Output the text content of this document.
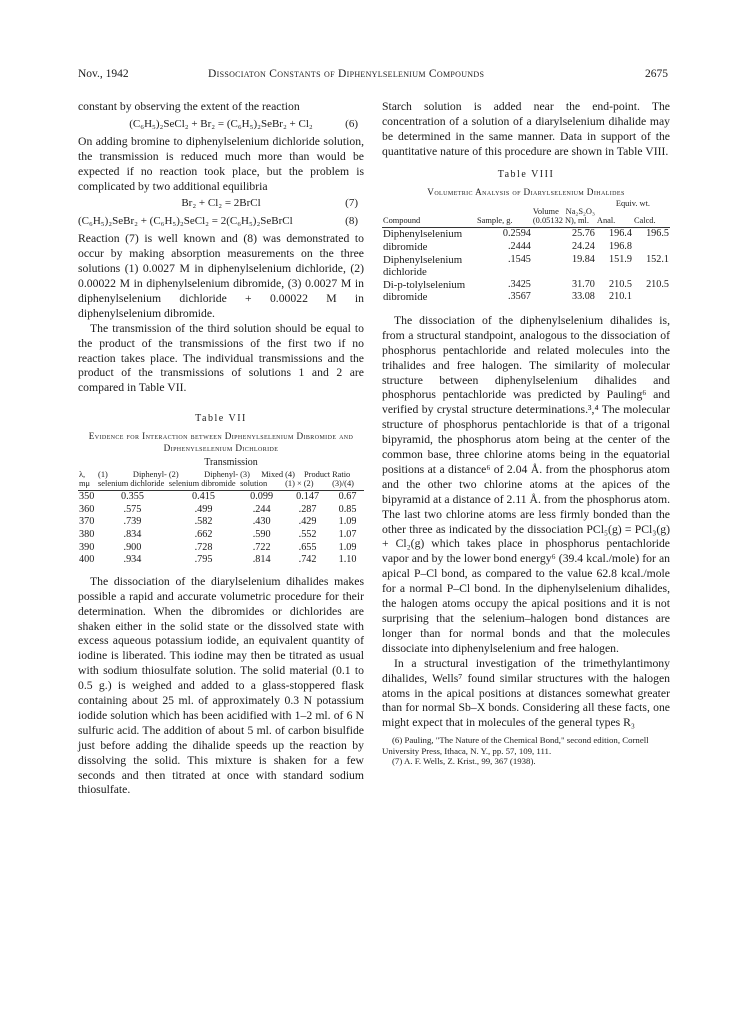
Nov., 1942	Dissociaton Constants of Diphenylselenium Compounds	2675

constant by observing the extent of the reaction

(C₆H₅)₂SeCl₂ + Br₂ = (C₆H₅)₂SeBr₂ + Cl₂	(6)

On adding bromine to diphenylselenium dichloride solution, the transmission is reduced much more than would be expected if no reaction took place, but the problem is complicated by two additional equilibria

Br₂ + Cl₂ = 2BrCl	(7)
(C₆H₅)₂SeBr₂ + (C₆H₅)₂SeCl₂ = 2(C₆H₅)₂SeBrCl	(8)

Reaction (7) is well known and (8) was demonstrated to occur by making absorption measurements on the three solutions (1) 0.0027 M in diphenylselenium dichloride, (2) 0.00022 M in diphenylselenium dibromide, (3) 0.0027 M in diphenylselenium dichloride + 0.00022 M in diphenylselenium dibromide.

The transmission of the third solution should be equal to the product of the transmissions of the first two if no reaction takes place. The individual transmissions and the product of the transmissions of solutions 1 and 2 are compared in Table VII.

Table VII
Evidence for Interaction between Diphenylselenium Dibromide and Diphenylselenium Dichloride
Transmission
λ, mμ	(1) Diphenyl-selenium dichloride	(2) Diphenyl-selenium dibromide	(3) Mixed solution	(4) Product (1) × (2)	Ratio (3)/(4)
350	0.355	0.415	0.099	0.147	0.67
360	.575	.499	.244	.287	0.85
370	.739	.582	.430	.429	1.09
380	.834	.662	.590	.552	1.07
390	.900	.728	.722	.655	1.09
400	.934	.795	.814	.742	1.10

The dissociation of the diarylselenium dihalides makes possible a rapid and accurate volumetric procedure for their determination. When the dibromides or dichlorides are shaken either in the solid state or the dissolved state with excess aqueous potassium iodide, an equivalent quantity of iodine is liberated. This iodine may then be titrated as usual with sodium thiosulfate solution. The solid material (0.1 to 0.5 g.) is weighed and added to a glass-stoppered flask containing about 25 ml. of approximately 0.3 N potassium iodide solution which has been acidified with 1–2 ml. of 6 N sulfuric acid. The addition of about 5 ml. of carbon bisulfide just before adding the dihalide speeds up the reaction by dissolving the solid. This mixture is shaken for a few seconds and then titrated at once with standard sodium thiosulfate.

Starch solution is added near the end-point. The concentration of a solution of a diarylselenium dihalide may be determined in the same manner. Data in support of the quantitative nature of this procedure are shown in Table VIII.

Table VIII
Volumetric Analysis of Diarylselenium Dihalides
			Equiv. wt.	
Compound	Sample, g.	Volume Na₂S₂O₃ (0.05132 N), ml.	Anal.	Calcd.
Diphenylselenium	0.2594	25.76	196.4	196.5
dibromide	.2444	24.24	196.8	
Diphenylselenium	.1545	19.84	151.9	152.1
dichloride				
Di-p-tolylselenium	.3425	31.70	210.5	210.5
dibromide	.3567	33.08	210.1	

The dissociation of the diphenylselenium dihalides is, from a structural standpoint, analogous to the dissociation of phosphorus pentachloride and related molecules into the trihalides and free halogen. The similarity of molecular structure between diphenylselenium dihalides and phosphorus pentachloride was predicted by Pauling⁶ and verified by crystal structure determinations.³,⁴ The molecular structure of phosphorus pentachloride is that of a trigonal bipyramid, the phosphorus atom being at the center of the common base, three chlorine atoms being in the equatorial positions at a distance⁶ of 2.04 Å. from the phosphorus atom and the other two chlorine atoms at the apices of the bipyramid at a distance of 2.11 Å. from the phosphorus atom. The last two chlorine atoms are less firmly bonded than the other three as indicated by the dissociation PCl₅(g) = PCl₃(g) + Cl₂(g) which takes place in phosphorus pentachloride vapor and by the lower bond energy⁶ (39.4 kcal./mole) for an apical P–Cl bond, as compared to the value 62.8 kcal./mole for a normal P–Cl bond. In the diphenylselenium dihalides, the halogen atoms occupy the apical positions and it is not surprising that the selenium–halogen bond distances are longer than for normal bonds and that the molecules dissociate into diphenylselenium and free halogen.

In a structural investigation of the trimethylantimony dihalides, Wells⁷ found similar structures with the halogen atoms in the apical positions at distances somewhat greater than for normal Sb–X bonds. Considering all these facts, one might expect that in molecules of the general types R₃

(6) Pauling, "The Nature of the Chemical Bond," second edition, Cornell University Press, Ithaca, N. Y., pp. 57, 109, 111.

(7) A. F. Wells, Z. Krist., 99, 367 (1938).
